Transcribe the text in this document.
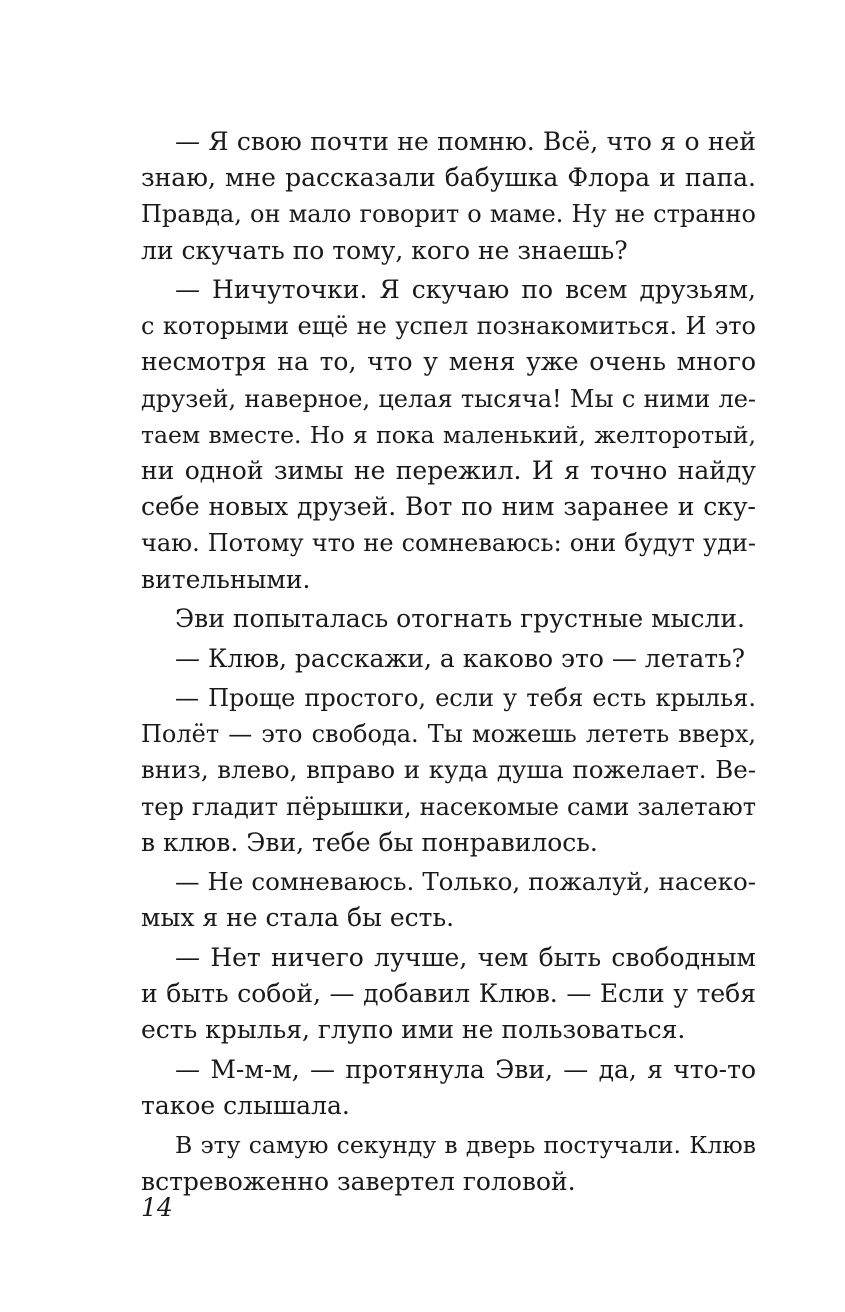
— Я свою почти не помню. Всё, что я о ней
знаю, мне рассказали бабушка Флора и папа.
Правда, он мало говорит о маме. Ну не странно
ли скучать по тому, кого не знаешь?
— Ничуточки. Я скучаю по всем друзьям,
с которыми ещё не успел познакомиться. И это
несмотря на то, что у меня уже очень много
друзей, наверное, целая тысяча! Мы с ними ле-
таем вместе. Но я пока маленький, желторотый,
ни одной зимы не пережил. И я точно найду
себе новых друзей. Вот по ним заранее и ску-
чаю. Потому что не сомневаюсь: они будут уди-
вительными.
Эви попыталась отогнать грустные мысли.
— Клюв, расскажи, а каково это — летать?
— Проще простого, если у тебя есть крылья.
Полёт — это свобода. Ты можешь лететь вверх,
вниз, влево, вправо и куда душа пожелает. Ве-
тер гладит пёрышки, насекомые сами залетают
в клюв. Эви, тебе бы понравилось.
— Не сомневаюсь. Только, пожалуй, насеко-
мых я не стала бы есть.
— Нет ничего лучше, чем быть свободным
и быть собой, — добавил Клюв. — Если у тебя
есть крылья, глупо ими не пользоваться.
— М-м-м, — протянула Эви, — да, я что-то
такое слышала.
В эту самую секунду в дверь постучали. Клюв
встревоженно завертел головой.
14
